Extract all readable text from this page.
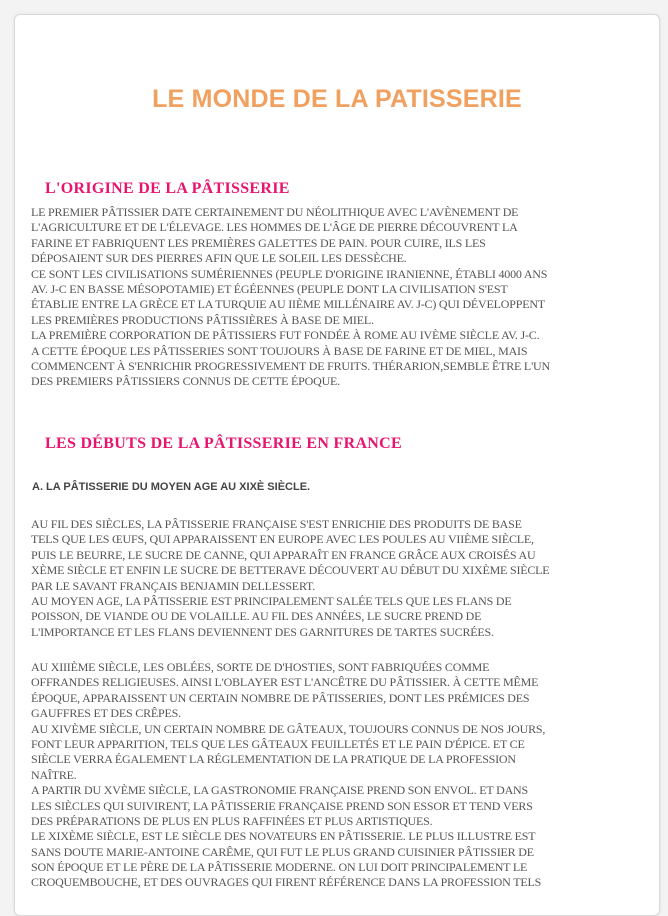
LE MONDE DE LA PATISSERIE
L'ORIGINE DE LA PÂTISSERIE
LE PREMIER PÂTISSIER DATE CERTAINEMENT DU NÉOLITHIQUE AVEC L'AVÈNEMENT DE
L'AGRICULTURE ET DE L'ÉLEVAGE. LES HOMMES DE L'ÂGE DE PIERRE DÉCOUVRENT LA
FARINE ET FABRIQUENT LES PREMIÈRES GALETTES DE PAIN. POUR CUIRE, ILS LES
DÉPOSAIENT SUR DES PIERRES AFIN QUE LE SOLEIL LES DESSÈCHE.
CE SONT LES CIVILISATIONS SUMÉRIENNES (PEUPLE D'ORIGINE IRANIENNE, ÉTABLI 4000 ANS
AV. J-C EN BASSE MÉSOPOTAMIE) ET ÉGÉENNES (PEUPLE DONT LA CIVILISATION S'EST
ÉTABLIE ENTRE LA GRÈCE ET LA TURQUIE AU IIÈME MILLÉNAIRE AV. J-C) QUI DÉVELOPPENT
LES PREMIÈRES PRODUCTIONS PÂTISSIÈRES À BASE DE MIEL.
LA PREMIÈRE CORPORATION DE PÂTISSIERS FUT FONDÉE À ROME AU IVÈME SIÈCLE AV. J-C.
A CETTE ÉPOQUE LES PÂTISSERIES SONT TOUJOURS À BASE DE FARINE ET DE MIEL, MAIS
COMMENCENT À S'ENRICHIR PROGRESSIVEMENT DE FRUITS. THÉRARION,SEMBLE ÊTRE L'UN
DES PREMIERS PÂTISSIERS CONNUS DE CETTE ÉPOQUE.
LES DÉBUTS DE LA PÂTISSERIE EN FRANCE
A. LA PÂTISSERIE DU MOYEN AGE AU XIXÈ SIÈCLE.
AU FIL DES SIÈCLES, LA PÂTISSERIE FRANÇAISE S'EST ENRICHIE DES PRODUITS DE BASE
TELS QUE LES ŒUFS, QUI APPARAISSENT EN EUROPE AVEC LES POULES AU VIIÈME SIÈCLE,
PUIS LE BEURRE, LE SUCRE DE CANNE, QUI APPARAÎT EN FRANCE GRÂCE AUX CROISÉS AU
XÈME SIÈCLE ET ENFIN LE SUCRE DE BETTERAVE DÉCOUVERT AU DÉBUT DU XIXÈME SIÈCLE
PAR LE SAVANT FRANÇAIS BENJAMIN DELLESSERT.
AU MOYEN AGE, LA PÂTISSERIE EST PRINCIPALEMENT SALÉE TELS QUE LES FLANS DE
POISSON, DE VIANDE OU DE VOLAILLE. AU FIL DES ANNÉES, LE SUCRE PREND DE
L'IMPORTANCE ET LES FLANS DEVIENNENT DES GARNITURES DE TARTES SUCRÉES.
AU XIIIÈME SIÈCLE, LES OBLÉES, SORTE DE D'HOSTIES, SONT FABRIQUÉES COMME
OFFRANDES RELIGIEUSES. AINSI L'OBLAYER EST L'ANCÊTRE DU PÂTISSIER. À CETTE MÊME
ÉPOQUE, APPARAISSENT UN CERTAIN NOMBRE DE PÂTISSERIES, DONT LES PRÉMICES DES
GAUFFRES ET DES CRÊPES.
AU XIVÈME SIÈCLE, UN CERTAIN NOMBRE DE GÂTEAUX, TOUJOURS CONNUS DE NOS JOURS,
FONT LEUR APPARITION, TELS QUE LES GÂTEAUX FEUILLETÉS ET LE PAIN D'ÉPICE. ET CE
SIÈCLE VERRA ÉGALEMENT LA RÉGLEMENTATION DE LA PRATIQUE DE LA PROFESSION
NAÎTRE.
A PARTIR DU XVÈME SIÈCLE, LA GASTRONOMIE FRANÇAISE PREND SON ENVOL. ET DANS
LES SIÈCLES QUI SUIVIRENT, LA PÂTISSERIE FRANÇAISE PREND SON ESSOR ET TEND VERS
DES PRÉPARATIONS DE PLUS EN PLUS RAFFINÉES ET PLUS ARTISTIQUES.
LE XIXÈME SIÈCLE, EST LE SIÈCLE DES NOVATEURS EN PÂTISSERIE. LE PLUS ILLUSTRE EST
SANS DOUTE MARIE-ANTOINE CARÊME, QUI FUT LE PLUS GRAND CUISINIER PÂTISSIER DE
SON ÉPOQUE ET LE PÈRE DE LA PÂTISSERIE MODERNE. ON LUI DOIT PRINCIPALEMENT LE
CROQUEMBOUCHE, ET DES OUVRAGES QUI FIRENT RÉFÉRENCE DANS LA PROFESSION TELS
